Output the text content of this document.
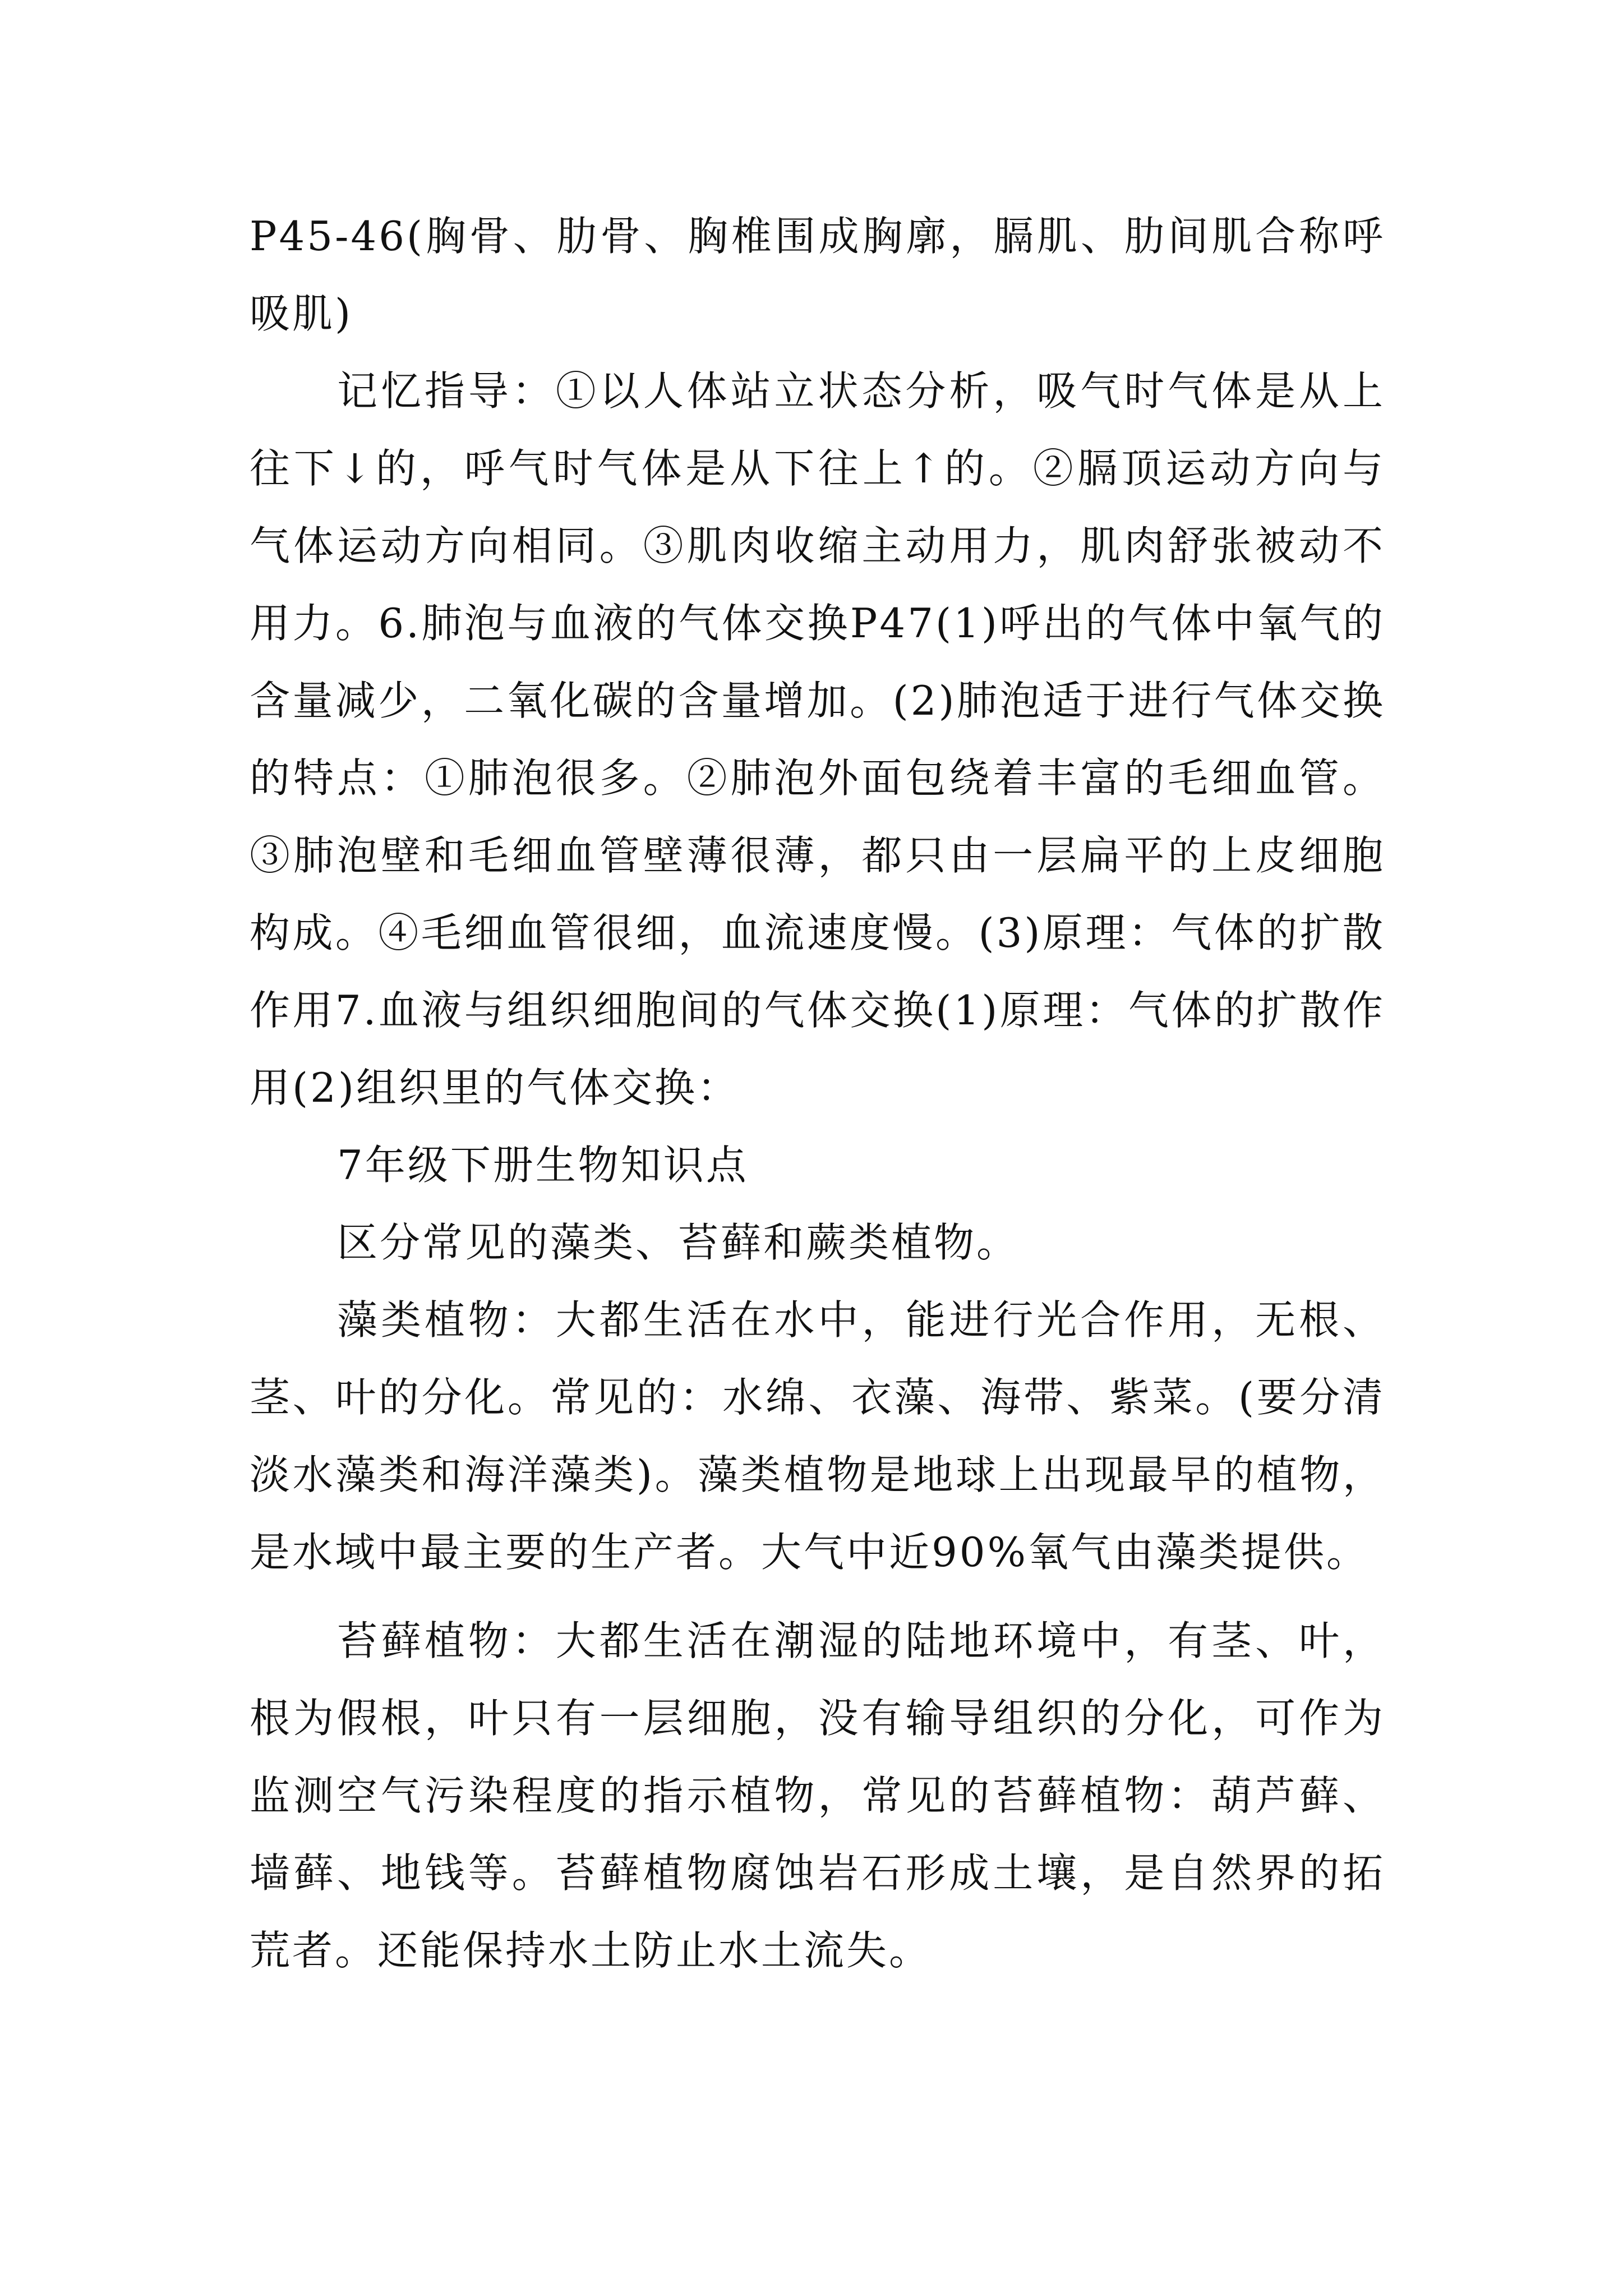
P45-46(胸骨、肋骨、胸椎围成胸廓，膈肌、肋间肌合称呼吸肌)

记忆指导：①以人体站立状态分析，吸气时气体是从上往下↓的，呼气时气体是从下往上↑的。②膈顶运动方向与气体运动方向相同。③肌肉收缩主动用力，肌肉舒张被动不用力。6.肺泡与血液的气体交换P47(1)呼出的气体中氧气的含量减少，二氧化碳的含量增加。(2)肺泡适于进行气体交换的特点：①肺泡很多。②肺泡外面包绕着丰富的毛细血管。③肺泡壁和毛细血管壁薄很薄，都只由一层扁平的上皮细胞构成。④毛细血管很细，血流速度慢。(3)原理：气体的扩散作用7.血液与组织细胞间的气体交换(1)原理：气体的扩散作用(2)组织里的气体交换：

7年级下册生物知识点

区分常见的藻类、苔藓和蕨类植物。

藻类植物：大都生活在水中，能进行光合作用，无根、茎、叶的分化。常见的：水绵、衣藻、海带、紫菜。(要分清淡水藻类和海洋藻类)。藻类植物是地球上出现最早的植物，是水域中最主要的生产者。大气中近90%氧气由藻类提供。

苔藓植物：大都生活在潮湿的陆地环境中，有茎、叶，根为假根，叶只有一层细胞，没有输导组织的分化，可作为监测空气污染程度的指示植物，常见的苔藓植物：葫芦藓、墙藓、地钱等。苔藓植物腐蚀岩石形成土壤，是自然界的拓荒者。还能保持水土防止水土流失。
